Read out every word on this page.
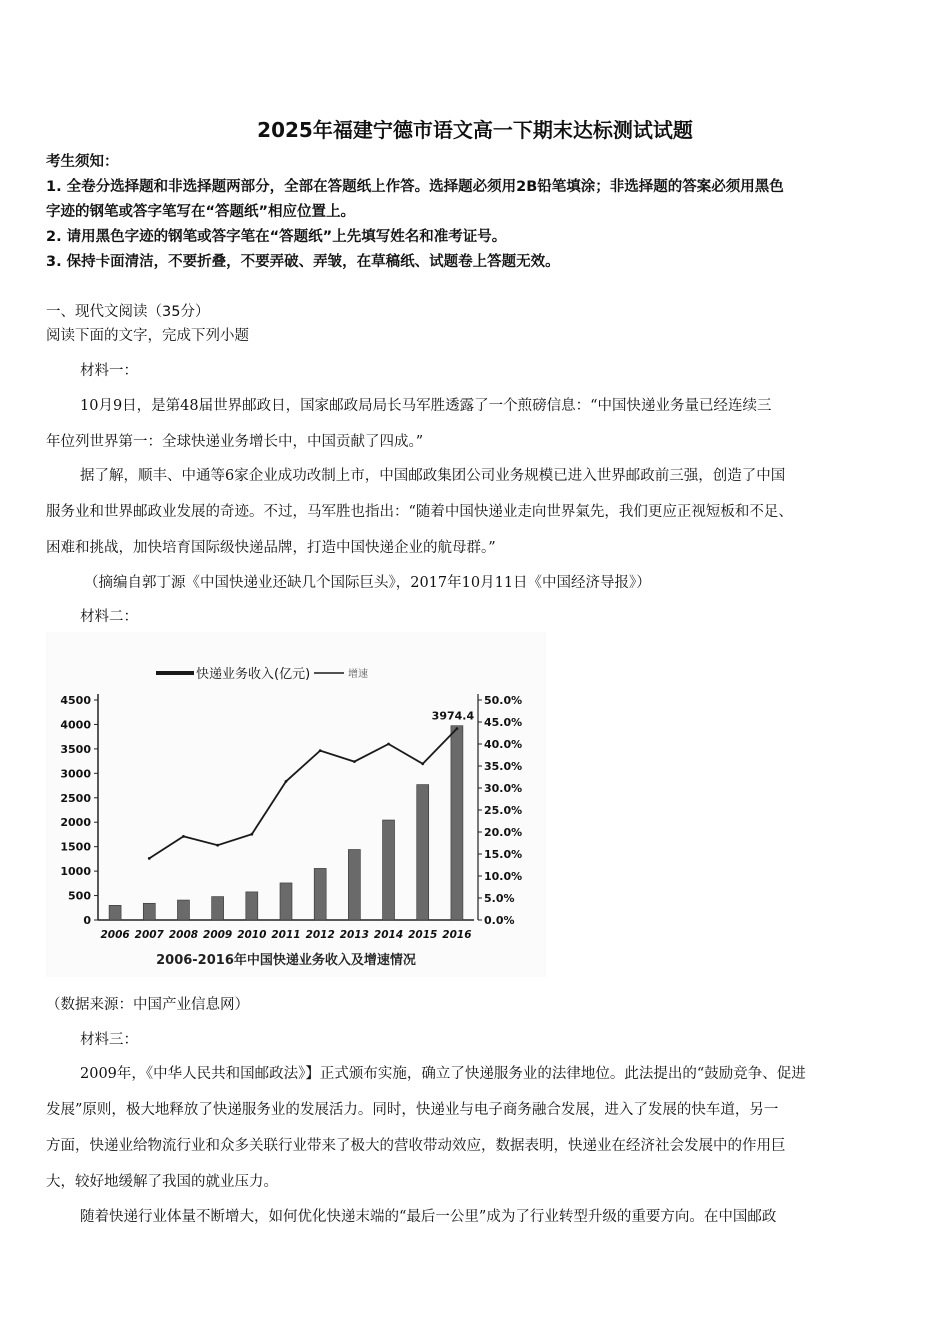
2025年福建宁德市语文高一下期末达标测试试题
考生须知：
1. 全卷分选择题和非选择题两部分，全部在答题纸上作答。选择题必须用2B铅笔填涂；非选择题的答案必须用黑色
字迹的钢笔或答字笔写在“答题纸”相应位置上。
2. 请用黑色字迹的钢笔或答字笔在“答题纸”上先填写姓名和准考证号。
3. 保持卡面清洁，不要折叠，不要弄破、弄皱，在草稿纸、试题卷上答题无效。
一、现代文阅读（35分）
阅读下面的文字，完成下列小题
材料一：
10月9日，是第48届世界邮政日，国家邮政局局长马军胜透露了一个煎磅信息：“中国快递业务量已经连续三
年位列世界第一：全球快递业务增长中，中国贡献了四成。”
据了解，顺丰、中通等6家企业成功改制上市，中国邮政集团公司业务规模已进入世界邮政前三强，创造了中国
服务业和世界邮政业发展的奇迹。不过，马军胜也指出：“随着中国快递业走向世界氣先，我们更应正视短板和不足、
困难和挑战，加快培育国际级快递品牌，打造中国快递企业的航母群。”
（摘编自郭丁源《中国快递业还缺几个国际巨头》，2017年10月11日《中国经济导报》）
材料二：
快递业务收入(亿元)	增速
0
500
1000
1500
2000
2500
3000
3500
4000
4500
0.0%
5.0%
10.0%
15.0%
20.0%
25.0%
30.0%
35.0%
40.0%
45.0%
50.0%
3974.4
2006 2007 2008 2009 2010 2011 2012 2013 2014 2015 2016
2006-2016年中国快递业务收入及增速情况
（数据来源：中国产业信息网）
材料三：
2009年，《中华人民共和国邮政法》】正式颁布实施，确立了快递服务业的法律地位。此法提出的“鼓励竞争、促进
发展”原则，极大地释放了快递服务业的发展活力。同时，快递业与电子商务融合发展，进入了发展的快车道，另一
方面，快递业给物流行业和众多关联行业带来了极大的营收带动效应，数据表明，快递业在经济社会发展中的作用巨
大，较好地缓解了我国的就业压力。
随着快递行业体量不断增大，如何优化快递末端的“最后一公里”成为了行业转型升级的重要方向。在中国邮政
